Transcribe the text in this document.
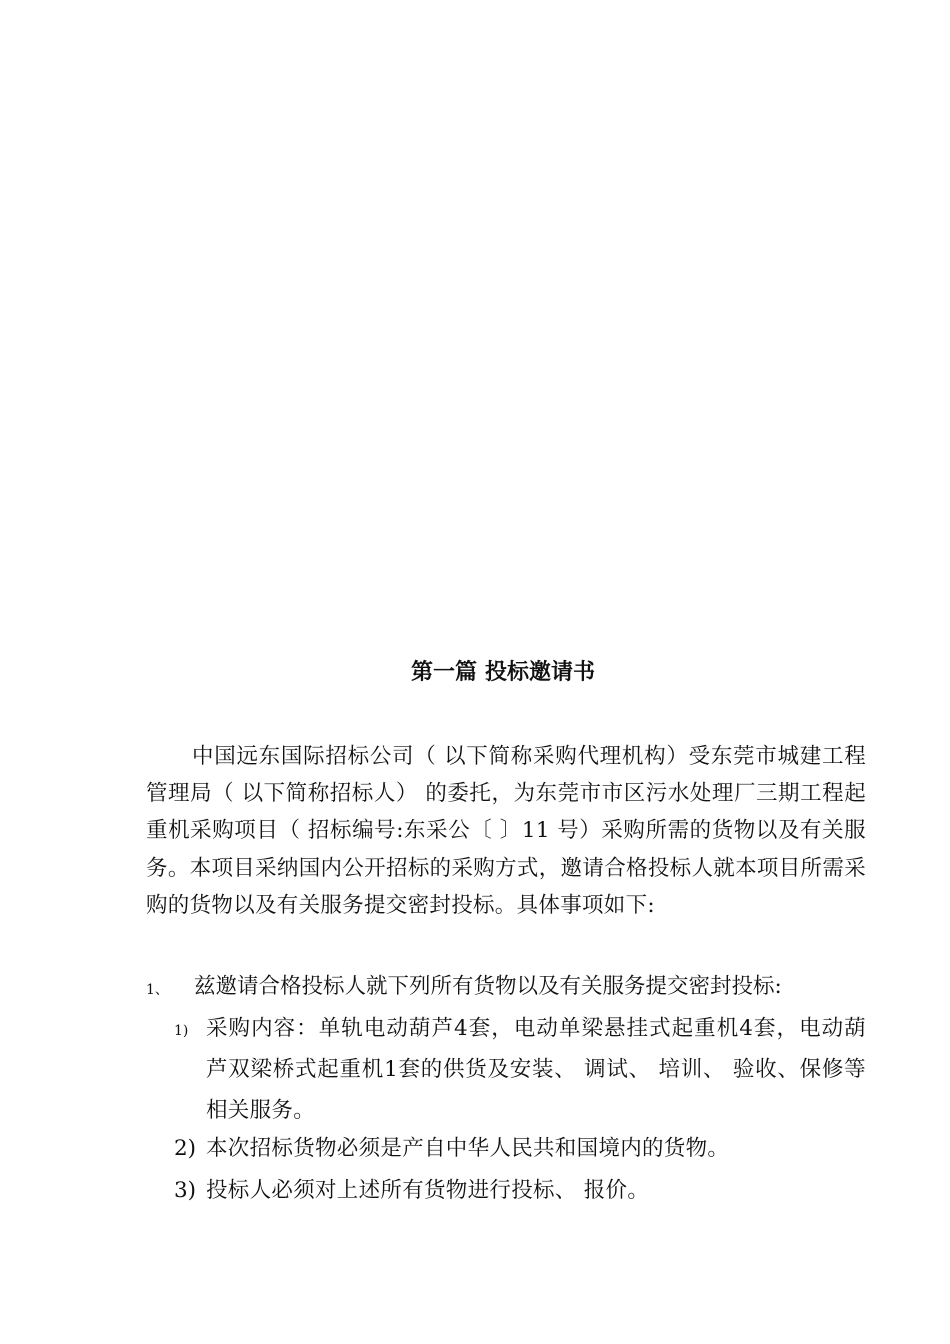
第一篇 投标邀请书

中国远东国际招标公司（ 以下简称采购代理机构）受东莞市城建工程管理局（ 以下简称招标人） 的委托，为东莞市市区污水处理厂三期工程起重机采购项目（ 招标编号:东采公〔 〕11 号）采购所需的货物以及有关服务。本项目采纳国内公开招标的采购方式，邀请合格投标人就本项目所需采购的货物以及有关服务提交密封投标。具体事项如下:

1、 兹邀请合格投标人就下列所有货物以及有关服务提交密封投标:
1) 采购内容：单轨电动葫芦4套，电动单梁悬挂式起重机4套，电动葫芦双梁桥式起重机1套的供货及安装、 调试、 培训、 验收、保修等相关服务。
2) 本次招标货物必须是产自中华人民共和国境内的货物。
3) 投标人必须对上述所有货物进行投标、 报价。
